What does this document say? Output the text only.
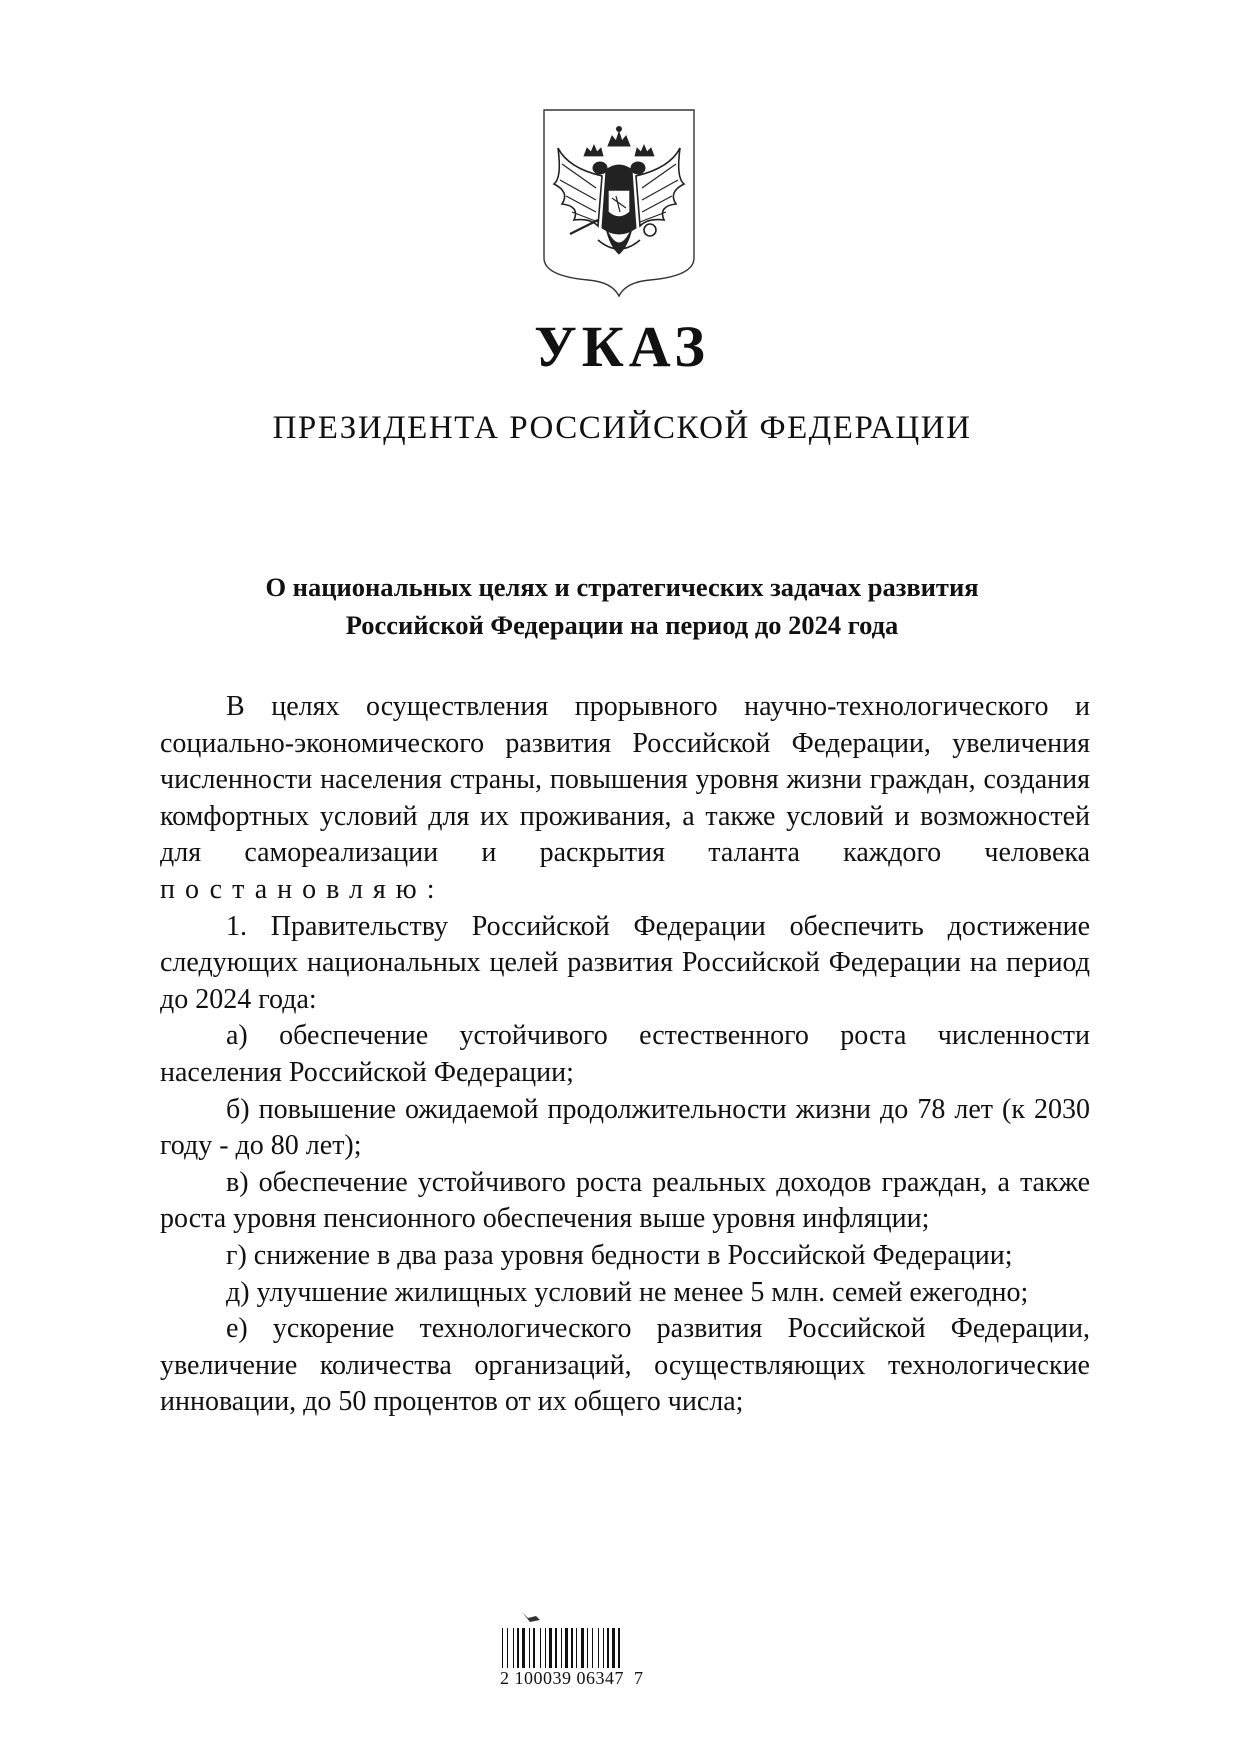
УКАЗ
ПРЕЗИДЕНТА РОССИЙСКОЙ ФЕДЕРАЦИИ
О национальных целях и стратегических задачах развития
Российской Федерации на период до 2024 года

В целях осуществления прорывного научно-технологического и социально-экономического развития Российской Федерации, увеличения численности населения страны, повышения уровня жизни граждан, создания комфортных условий для их проживания, а также условий и возможностей для самореализации и раскрытия таланта каждого человека постановляю:

1. Правительству Российской Федерации обеспечить достижение следующих национальных целей развития Российской Федерации на период до 2024 года:

а) обеспечение устойчивого естественного роста численности населения Российской Федерации;

б) повышение ожидаемой продолжительности жизни до 78 лет (к 2030 году - до 80 лет);

в) обеспечение устойчивого роста реальных доходов граждан, а также роста уровня пенсионного обеспечения выше уровня инфляции;

г) снижение в два раза уровня бедности в Российской Федерации;

д) улучшение жилищных условий не менее 5 млн. семей ежегодно;

е) ускорение технологического развития Российской Федерации, увеличение количества организаций, осуществляющих технологические инновации, до 50 процентов от их общего числа;

2 100039 06347  7
